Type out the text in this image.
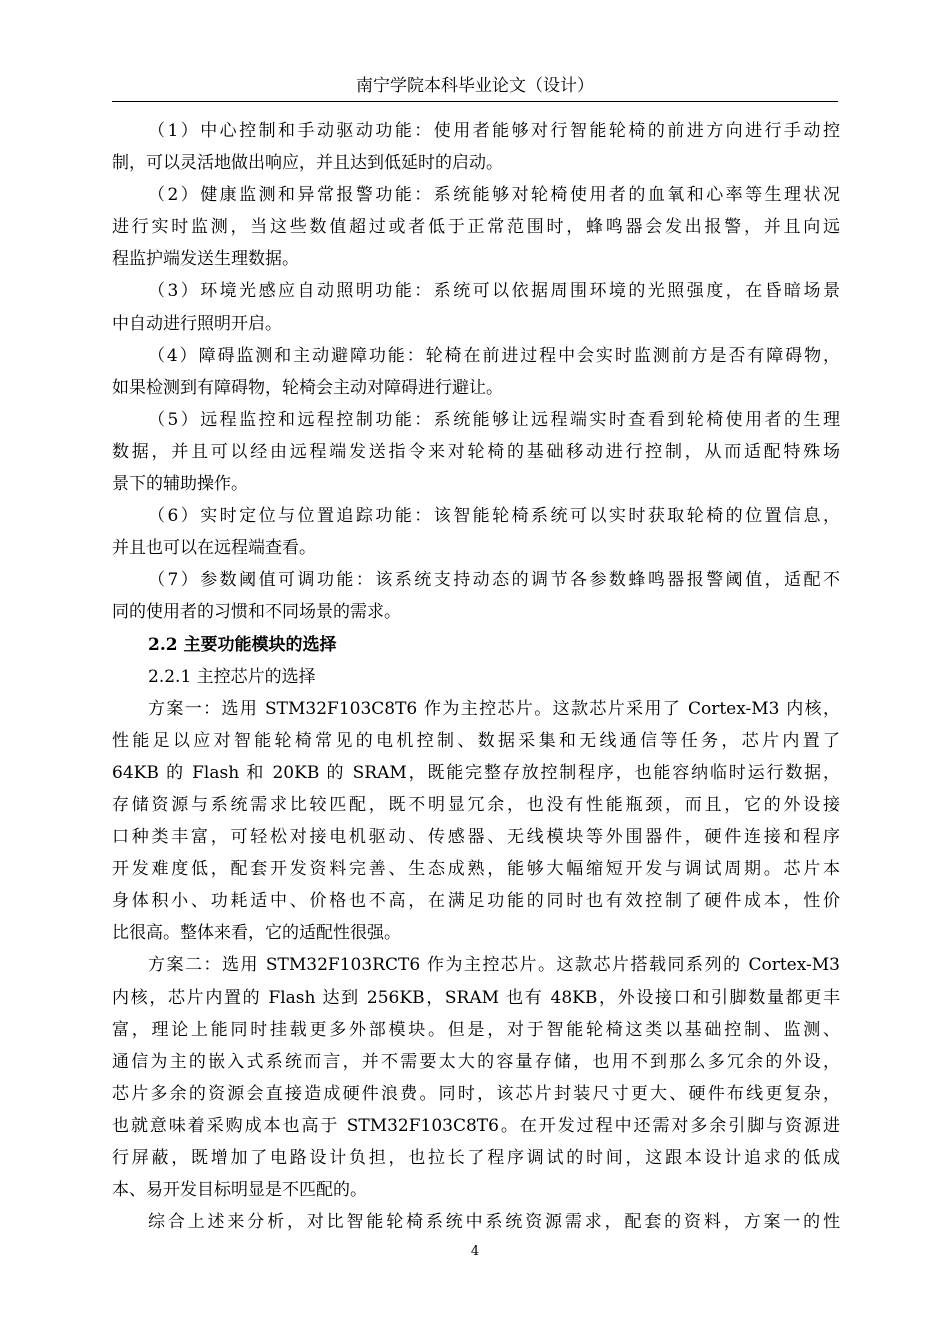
南宁学院本科毕业论文（设计）
（1）中心控制和手动驱动功能：使用者能够对行智能轮椅的前进方向进行手动控
制，可以灵活地做出响应，并且达到低延时的启动。
（2）健康监测和异常报警功能：系统能够对轮椅使用者的血氧和心率等生理状况
进行实时监测，当这些数值超过或者低于正常范围时，蜂鸣器会发出报警，并且向远
程监护端发送生理数据。
（3）环境光感应自动照明功能：系统可以依据周围环境的光照强度，在昏暗场景
中自动进行照明开启。
（4）障碍监测和主动避障功能：轮椅在前进过程中会实时监测前方是否有障碍物，
如果检测到有障碍物，轮椅会主动对障碍进行避让。
（5）远程监控和远程控制功能：系统能够让远程端实时查看到轮椅使用者的生理
数据，并且可以经由远程端发送指令来对轮椅的基础移动进行控制，从而适配特殊场
景下的辅助操作。
（6）实时定位与位置追踪功能：该智能轮椅系统可以实时获取轮椅的位置信息，
并且也可以在远程端查看。
（7）参数阈值可调功能：该系统支持动态的调节各参数蜂鸣器报警阈值，适配不
同的使用者的习惯和不同场景的需求。
2.2 主要功能模块的选择
2.2.1 主控芯片的选择
方案一：选用 STM32F103C8T6 作为主控芯片。这款芯片采用了 Cortex-M3 内核，
性能足以应对智能轮椅常见的电机控制、数据采集和无线通信等任务，芯片内置了
64KB 的 Flash 和 20KB 的 SRAM，既能完整存放控制程序，也能容纳临时运行数据，
存储资源与系统需求比较匹配，既不明显冗余，也没有性能瓶颈，而且，它的外设接
口种类丰富，可轻松对接电机驱动、传感器、无线模块等外围器件，硬件连接和程序
开发难度低，配套开发资料完善、生态成熟，能够大幅缩短开发与调试周期。芯片本
身体积小、功耗适中、价格也不高，在满足功能的同时也有效控制了硬件成本，性价
比很高。整体来看，它的适配性很强。
方案二：选用 STM32F103RCT6 作为主控芯片。这款芯片搭载同系列的 Cortex-M3
内核，芯片内置的 Flash 达到 256KB，SRAM 也有 48KB，外设接口和引脚数量都更丰
富，理论上能同时挂载更多外部模块。但是，对于智能轮椅这类以基础控制、监测、
通信为主的嵌入式系统而言，并不需要太大的容量存储，也用不到那么多冗余的外设，
芯片多余的资源会直接造成硬件浪费。同时，该芯片封装尺寸更大、硬件布线更复杂，
也就意味着采购成本也高于 STM32F103C8T6。在开发过程中还需对多余引脚与资源进
行屏蔽，既增加了电路设计负担，也拉长了程序调试的时间，这跟本设计追求的低成
本、易开发目标明显是不匹配的。
综合上述来分析，对比智能轮椅系统中系统资源需求，配套的资料，方案一的性
4
